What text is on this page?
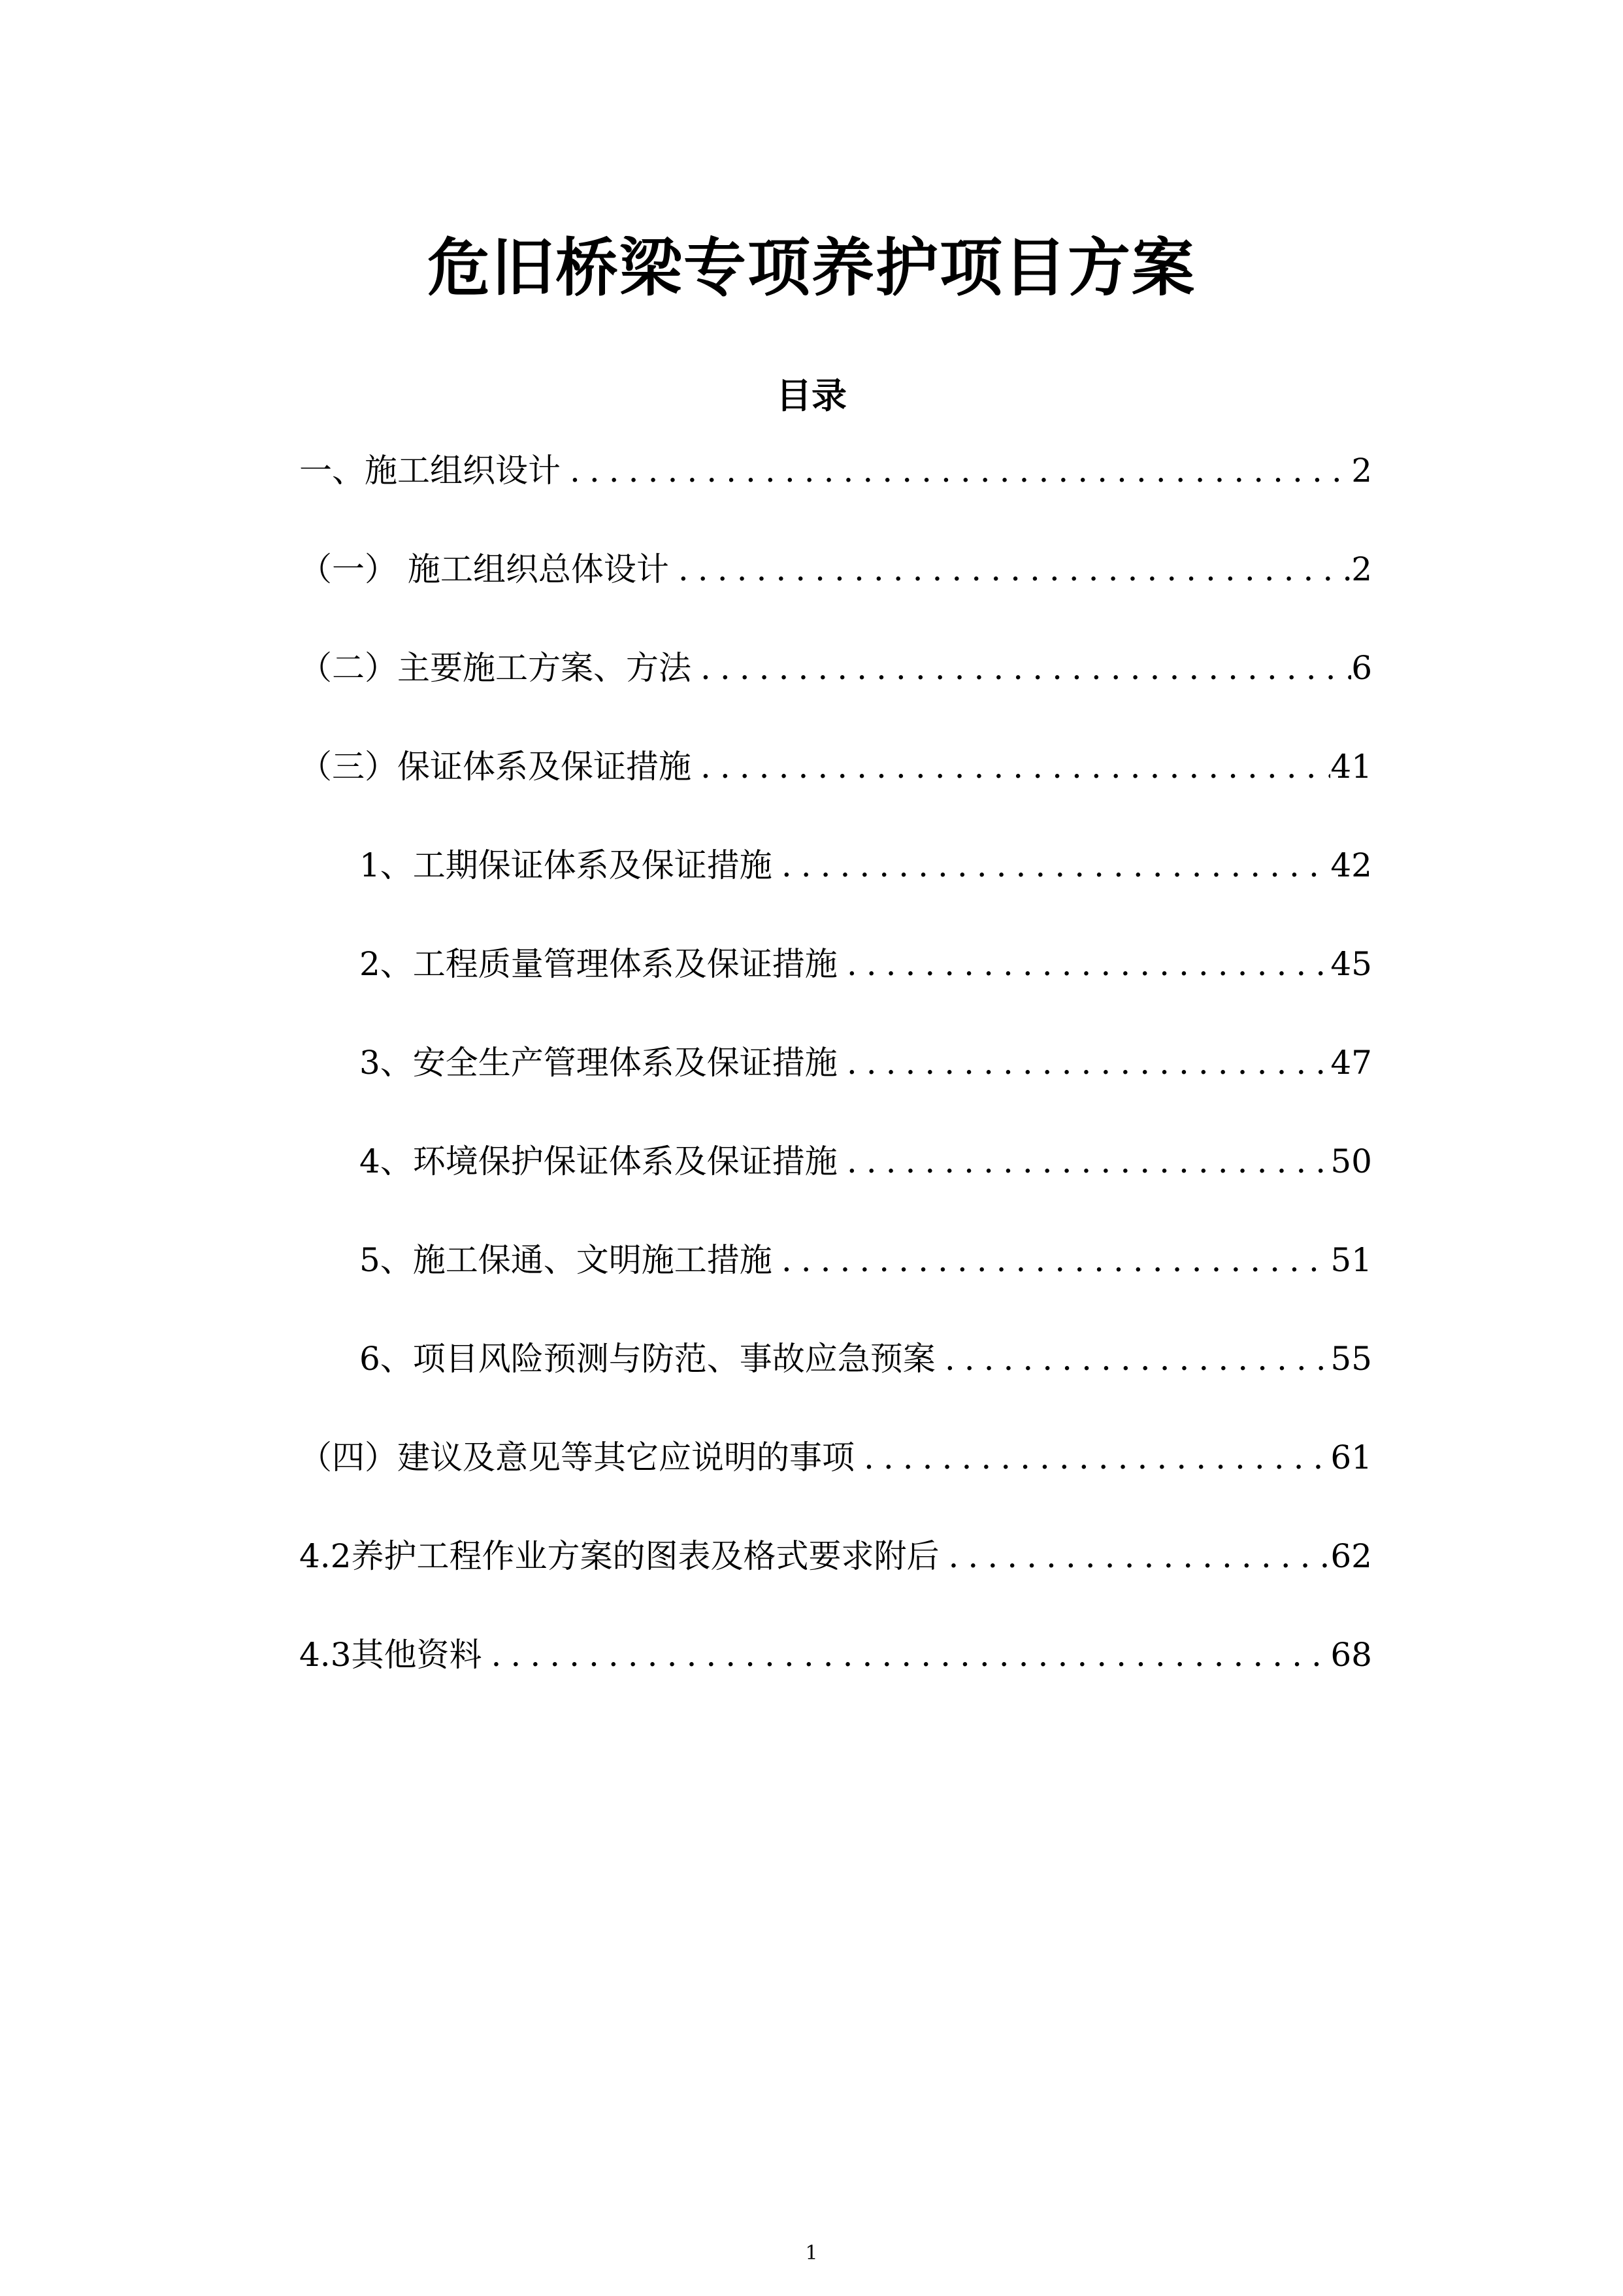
危旧桥梁专项养护项目方案
目录
一、施工组织设计 .....	2
（一） 施工组织总体设计 .....	2
（二）主要施工方案、方法 .....	6
（三）保证体系及保证措施 .....	41
1、工期保证体系及保证措施 .....	42
2、工程质量管理体系及保证措施 .....	45
3、安全生产管理体系及保证措施 .....	47
4、环境保护保证体系及保证措施 .....	50
5、施工保通、文明施工措施 .....	51
6、项目风险预测与防范、事故应急预案 .....	55
（四）建议及意见等其它应说明的事项 .....	61
4.2养护工程作业方案的图表及格式要求附后 .....	62
4.3其他资料 .....	68
1
